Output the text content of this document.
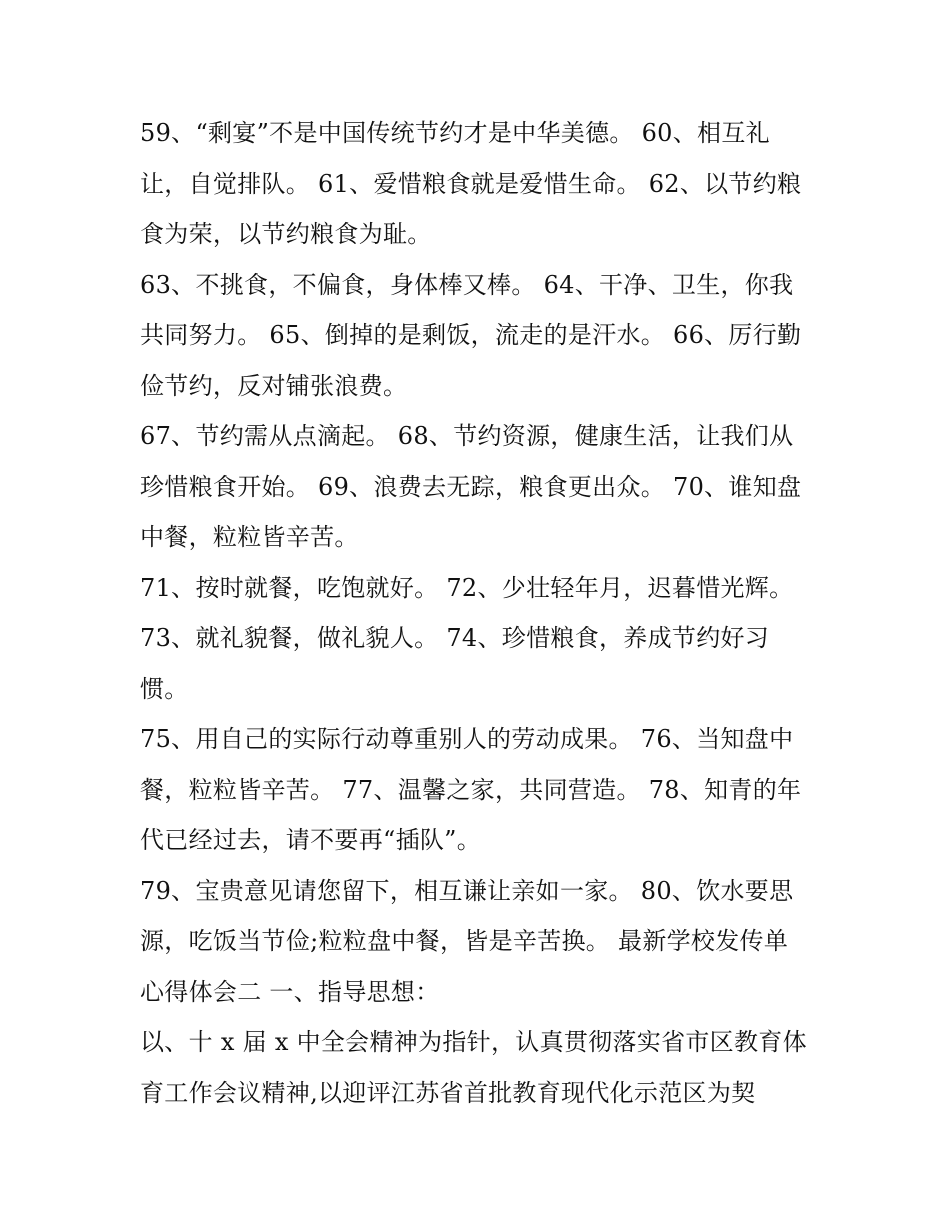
59、“剩宴”不是中国传统节约才是中华美德。 60、相互礼
让，自觉排队。 61、爱惜粮食就是爱惜生命。 62、以节约粮
食为荣，以节约粮食为耻。
63、不挑食，不偏食，身体棒又棒。 64、干净、卫生，你我
共同努力。 65、倒掉的是剩饭，流走的是汗水。 66、厉行勤
俭节约，反对铺张浪费。
67、节约需从点滴起。 68、节约资源，健康生活，让我们从
珍惜粮食开始。 69、浪费去无踪，粮食更出众。 70、谁知盘
中餐，粒粒皆辛苦。
71、按时就餐，吃饱就好。 72、少壮轻年月，迟暮惜光辉。
73、就礼貌餐，做礼貌人。 74、珍惜粮食，养成节约好习
惯。
75、用自己的实际行动尊重别人的劳动成果。 76、当知盘中
餐，粒粒皆辛苦。 77、温馨之家，共同营造。 78、知青的年
代已经过去，请不要再“插队”。
79、宝贵意见请您留下，相互谦让亲如一家。 80、饮水要思
源，吃饭当节俭;粒粒盘中餐，皆是辛苦换。 最新学校发传单
心得体会二 一、指导思想：
以、十 x 届 x 中全会精神为指针，认真贯彻落实省市区教育体
育工作会议精神,以迎评江苏省首批教育现代化示范区为契
